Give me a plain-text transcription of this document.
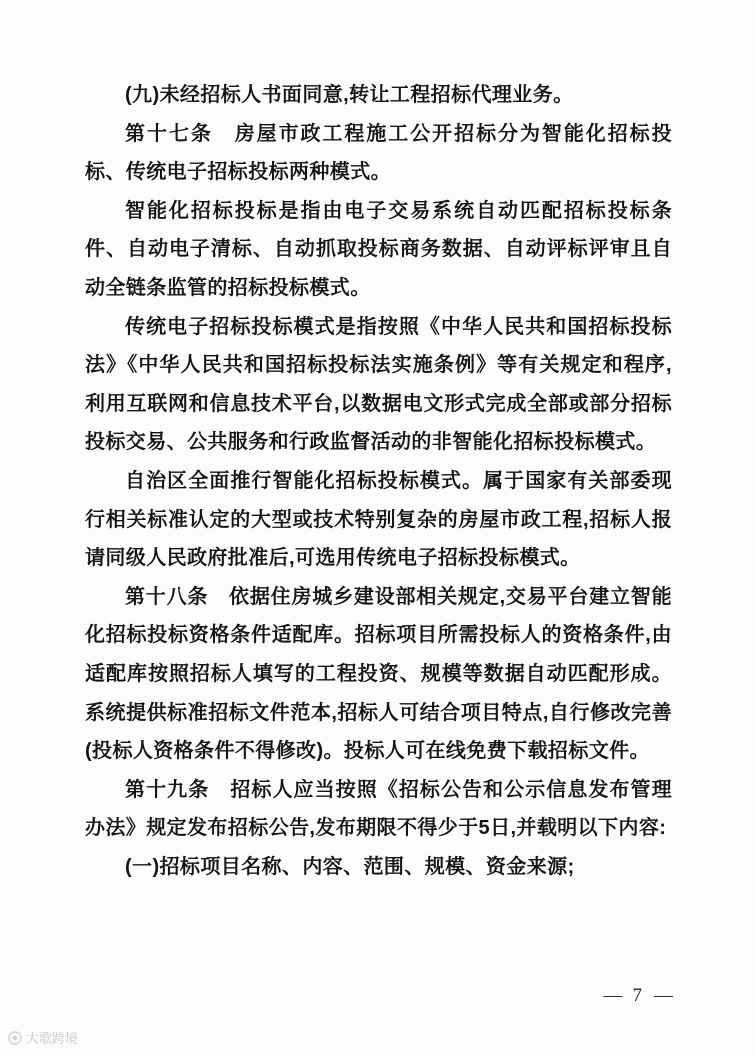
(九)未经招标人书面同意,转让工程招标代理业务。

第十七条　房屋市政工程施工公开招标分为智能化招标投标、传统电子招标投标两种模式。

智能化招标投标是指由电子交易系统自动匹配招标投标条件、自动电子清标、自动抓取投标商务数据、自动评标评审且自动全链条监管的招标投标模式。

传统电子招标投标模式是指按照《中华人民共和国招标投标法》《中华人民共和国招标投标法实施条例》等有关规定和程序,利用互联网和信息技术平台,以数据电文形式完成全部或部分招标投标交易、公共服务和行政监督活动的非智能化招标投标模式。

自治区全面推行智能化招标投标模式。属于国家有关部委现行相关标准认定的大型或技术特别复杂的房屋市政工程,招标人报请同级人民政府批准后,可选用传统电子招标投标模式。

第十八条　依据住房城乡建设部相关规定,交易平台建立智能化招标投标资格条件适配库。招标项目所需投标人的资格条件,由适配库按照招标人填写的工程投资、规模等数据自动匹配形成。系统提供标准招标文件范本,招标人可结合项目特点,自行修改完善(投标人资格条件不得修改)。投标人可在线免费下载招标文件。

第十九条　招标人应当按照《招标公告和公示信息发布管理办法》规定发布招标公告,发布期限不得少于5日,并载明以下内容:

(一)招标项目名称、内容、范围、规模、资金来源;

— 7 —
大歌跨境
